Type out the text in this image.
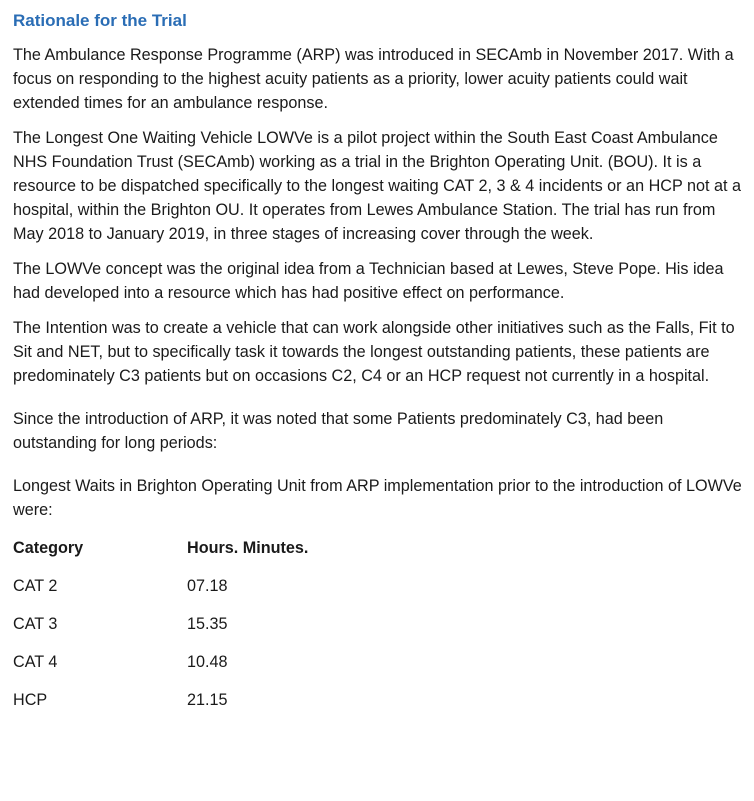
Rationale for the Trial

The Ambulance Response Programme (ARP) was introduced in SECAmb in November 2017. With a focus on responding to the highest acuity patients as a priority, lower acuity patients could wait extended times for an ambulance response.

The Longest One Waiting Vehicle LOWVe is a pilot project within the South East Coast Ambulance NHS Foundation Trust (SECAmb) working as a trial in the Brighton Operating Unit. (BOU). It is a resource to be dispatched specifically to the longest waiting CAT 2, 3 & 4 incidents or an HCP not at a hospital, within the Brighton OU. It operates from Lewes Ambulance Station. The trial has run from May 2018 to January 2019, in three stages of increasing cover through the week.

The LOWVe concept was the original idea from a Technician based at Lewes, Steve Pope. His idea had developed into a resource which has had positive effect on performance.

The Intention was to create a vehicle that can work alongside other initiatives such as the Falls, Fit to Sit and NET, but to specifically task it towards the longest outstanding patients, these patients are predominately C3 patients but on occasions C2, C4 or an HCP request not currently in a hospital.

Since the introduction of ARP, it was noted that some Patients predominately C3, had been outstanding for long periods:

Longest Waits in Brighton Operating Unit from ARP implementation prior to the introduction of LOWVe were:

Category	Hours. Minutes.
CAT 2	07.18
CAT 3	15.35
CAT 4	10.48
HCP	21.15
